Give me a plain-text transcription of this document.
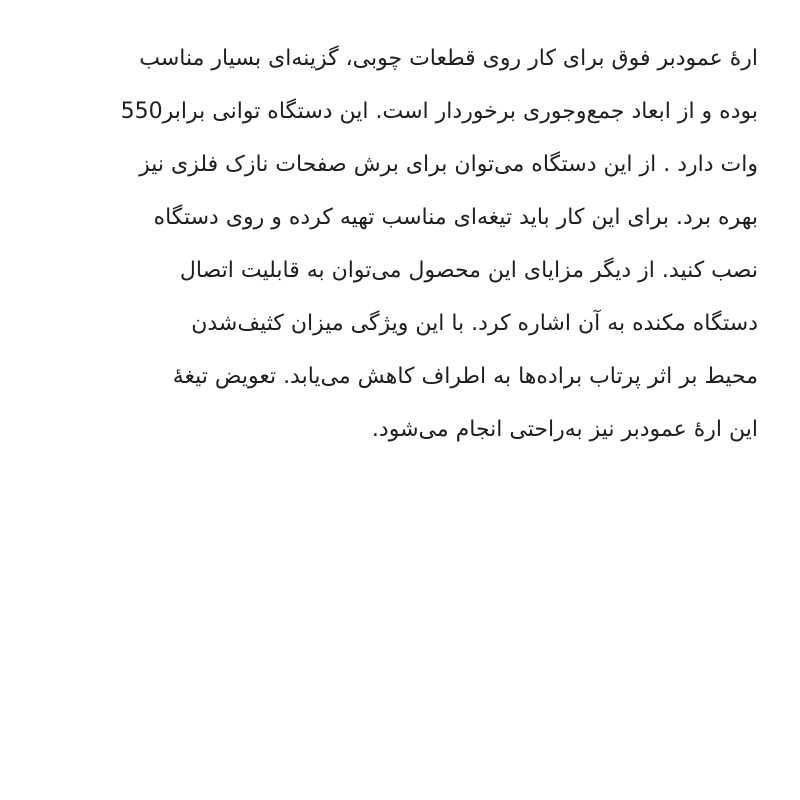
ارهٔ عمودبر فوق برای کار روی قطعات چوبی، گزینه‌ای بسیار مناسب
بوده و از ابعاد جمع‌وجوری برخوردار است. این دستگاه توانی برابر550
وات دارد . از این دستگاه می‌توان برای برش صفحات نازک فلزی نیز
بهره برد. برای این کار باید تیغه‌ای مناسب تهیه کرده و روی دستگاه
نصب کنید. از دیگر مزایای این محصول می‌توان به قابلیت اتصال
دستگاه مکنده به آن اشاره کرد. با این ویژگی میزان کثیف‌شدن
محیط بر اثر پرتاب براده‌ها به اطراف کاهش می‌یابد. تعویض تیغهٔ
این ارهٔ عمودبر نیز به‌راحتی انجام می‌شود.
